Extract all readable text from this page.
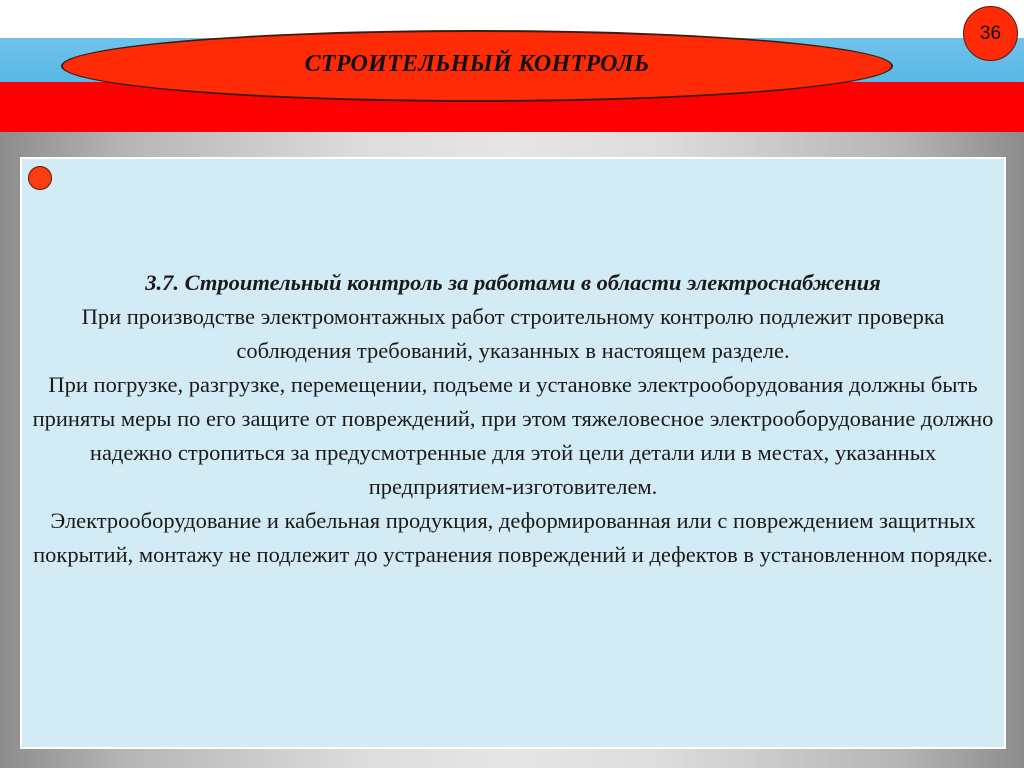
СТРОИТЕЛЬНЫЙ КОНТРОЛЬ
36

3.7. Строительный контроль за работами в области электроснабжения

При производстве электромонтажных работ строительному контролю подлежит проверка соблюдения требований, указанных в настоящем разделе.

При погрузке, разгрузке, перемещении, подъеме и установке электрооборудования должны быть приняты меры по его защите от повреждений, при этом тяжеловесное электрооборудование должно надежно стропиться за предусмотренные для этой цели детали или в местах, указанных предприятием-изготовителем.

Электрооборудование и кабельная продукция, деформированная или с повреждением защитных покрытий, монтажу не подлежит до устранения повреждений и дефектов в установленном порядке.
